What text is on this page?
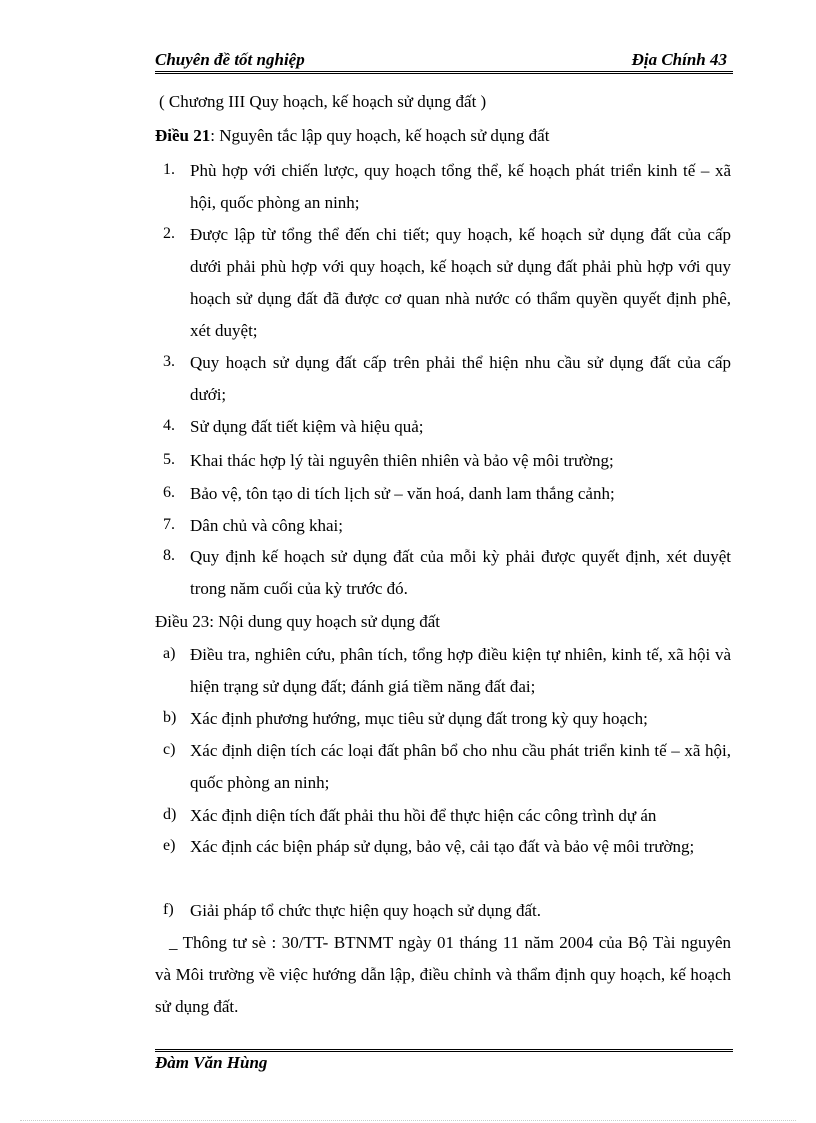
Chuyên đề tốt nghiệp	Địa Chính 43
( Chương III Quy hoạch, kế hoạch sử dụng đất )
Điều 21: Nguyên tắc lập quy hoạch, kế hoạch sử dụng đất
1. Phù hợp với chiến lược, quy hoạch tổng thể, kế hoạch phát triển kinh tế – xã hội, quốc phòng an ninh;
2. Được lập từ tổng thể đến chi tiết; quy hoạch, kế hoạch sử dụng đất của cấp dưới phải phù hợp với quy hoạch, kế hoạch sử dụng đất phải phù hợp với quy hoạch sử dụng đất đã được cơ quan nhà nước có thẩm quyền quyết định phê, xét duyệt;
3. Quy hoạch sử dụng đất cấp trên phải thể hiện nhu cầu sử dụng đất của cấp dưới;
4. Sử dụng đất tiết kiệm và hiệu quả;
5. Khai thác hợp lý tài nguyên thiên nhiên và bảo vệ môi trường;
6. Bảo vệ, tôn tạo di tích lịch sử – văn hoá, danh lam thắng cảnh;
7. Dân chủ và công khai;
8. Quy định kế hoạch sử dụng đất của mỗi kỳ phải được quyết định, xét duyệt trong năm cuối của kỳ trước đó.
Điều 23: Nội dung quy hoạch sử dụng đất
a) Điều tra, nghiên cứu, phân tích, tổng hợp điều kiện tự nhiên, kinh tế, xã hội và hiện trạng sử dụng đất; đánh giá tiềm năng đất đai;
b) Xác định phương hướng, mục tiêu sử dụng đất trong kỳ quy hoạch;
c) Xác định diện tích các loại đất phân bổ cho nhu cầu phát triển kinh tế – xã hội, quốc phòng an ninh;
d) Xác định diện tích đất phải thu hồi để thực hiện các công trình dự án
e) Xác định các biện pháp sử dụng, bảo vệ, cải tạo đất và bảo vệ môi trường;
f) Giải pháp tổ chức thực hiện quy hoạch sử dụng đất.
_ Thông tư sè : 30/TT- BTNMT ngày 01 tháng 11 năm 2004 của Bộ Tài nguyên và Môi trường về việc hướng dẫn lập, điều chỉnh và thẩm định quy hoạch, kế hoạch sử dụng đất.
Đàm Văn Hùng
